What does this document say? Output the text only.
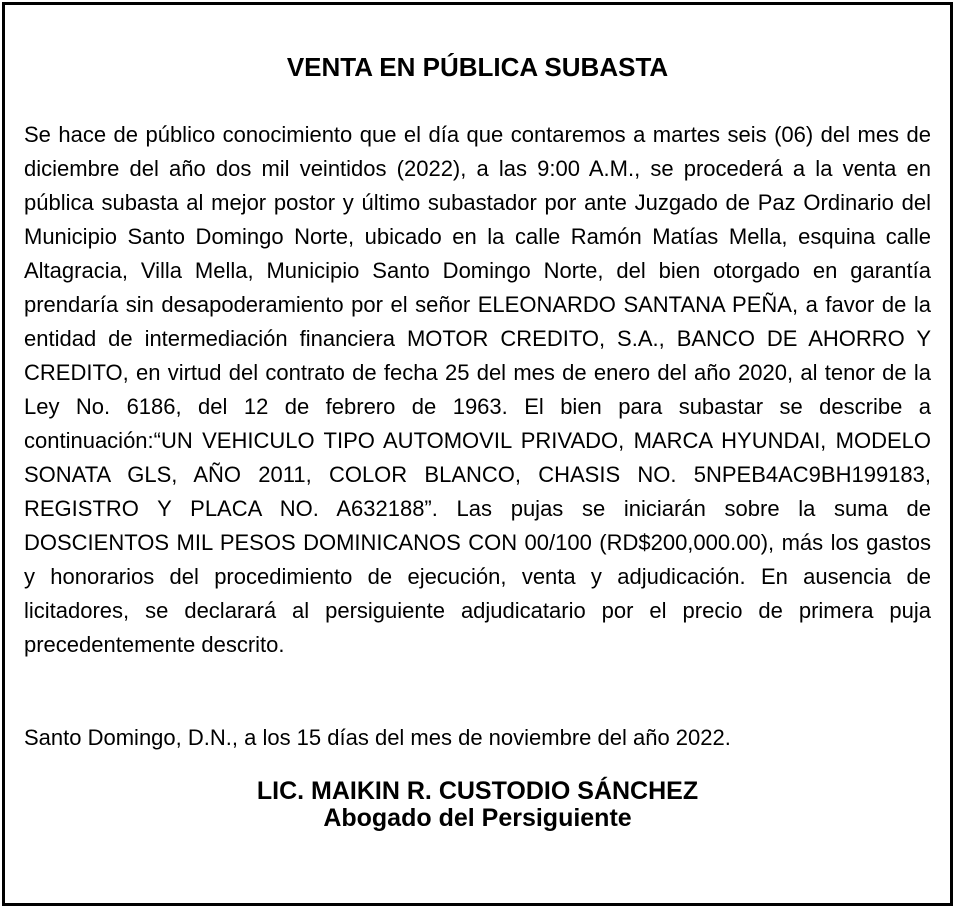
VENTA EN PÚBLICA SUBASTA

Se hace de público conocimiento que el día que contaremos a martes seis (06) del mes de diciembre del año dos mil veintidos (2022), a las 9:00 A.M., se procederá a la venta en pública subasta al mejor postor y último subastador por ante Juzgado de Paz Ordinario del Municipio Santo Domingo Norte, ubicado en la calle Ramón Matías Mella, esquina calle Altagracia, Villa Mella, Municipio Santo Domingo Norte, del bien otorgado en garantía prendaría sin desapoderamiento por el señor ELEONARDO SANTANA PEÑA, a favor de la entidad de intermediación financiera MOTOR CREDITO, S.A., BANCO DE AHORRO Y CREDITO, en virtud del contrato de fecha 25 del mes de enero del año 2020, al tenor de la Ley No. 6186, del 12 de febrero de 1963. El bien para subastar se describe a continuación:“UN VEHICULO TIPO AUTOMOVIL PRIVADO, MARCA HYUNDAI, MODELO SONATA GLS, AÑO 2011, COLOR BLANCO, CHASIS NO. 5NPEB4AC9BH199183, REGISTRO Y PLACA NO. A632188”. Las pujas se iniciarán sobre la suma de DOSCIENTOS MIL PESOS DOMINICANOS CON 00/100 (RD$200,000.00), más los gastos y honorarios del procedimiento de ejecución, venta y adjudicación. En ausencia de licitadores, se declarará al persiguiente adjudicatario por el precio de primera puja precedentemente descrito.

Santo Domingo, D.N., a los 15 días del mes de noviembre del año 2022.

LIC. MAIKIN R. CUSTODIO SÁNCHEZ
Abogado del Persiguiente
